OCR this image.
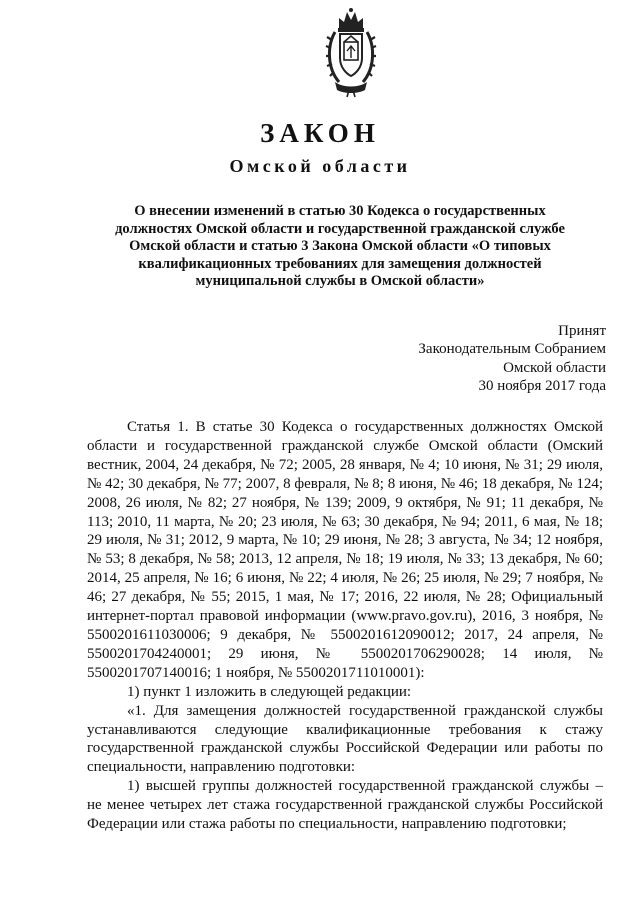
ЗАКОН
Омской области

О внесении изменений в статью 30 Кодекса о государственных должностях Омской области и государственной гражданской службе Омской области и статью 3 Закона Омской области «О типовых квалификационных требованиях для замещения должностей муниципальной службы в Омской области»

Принят
Законодательным Собранием
Омской области
30 ноября 2017 года

Статья 1. В статье 30 Кодекса о государственных должностях Омской области и государственной гражданской службе Омской области (Омский вестник, 2004, 24 декабря, № 72; 2005, 28 января, № 4; 10 июня, № 31; 29 июля, № 42; 30 декабря, № 77; 2007, 8 февраля, № 8; 8 июня, № 46; 18 декабря, № 124; 2008, 26 июля, № 82; 27 ноября, № 139; 2009, 9 октября, № 91; 11 декабря, № 113; 2010, 11 марта, № 20; 23 июля, № 63; 30 декабря, № 94; 2011, 6 мая, № 18; 29 июля, № 31; 2012, 9 марта, № 10; 29 июня, № 28; 3 августа, № 34; 12 ноября, № 53; 8 декабря, № 58; 2013, 12 апреля, № 18; 19 июля, № 33; 13 декабря, № 60; 2014, 25 апреля, № 16; 6 июня, № 22; 4 июля, № 26; 25 июля, № 29; 7 ноября, № 46; 27 декабря, № 55; 2015, 1 мая, № 17; 2016, 22 июля, № 28; Официальный интернет-портал правовой информации (www.pravo.gov.ru), 2016, 3 ноября, № 5500201611030006; 9 декабря, № 5500201612090012; 2017, 24 апреля, № 5500201704240001; 29 июня, № 5500201706290028; 14 июля, № 5500201707140016; 1 ноября, № 5500201711010001):

1) пункт 1 изложить в следующей редакции:

«1. Для замещения должностей государственной гражданской службы устанавливаются следующие квалификационные требования к стажу государственной гражданской службы Российской Федерации или работы по специальности, направлению подготовки:

1) высшей группы должностей государственной гражданской службы – не менее четырех лет стажа государственной гражданской службы Российской Федерации или стажа работы по специальности, направлению подготовки;
